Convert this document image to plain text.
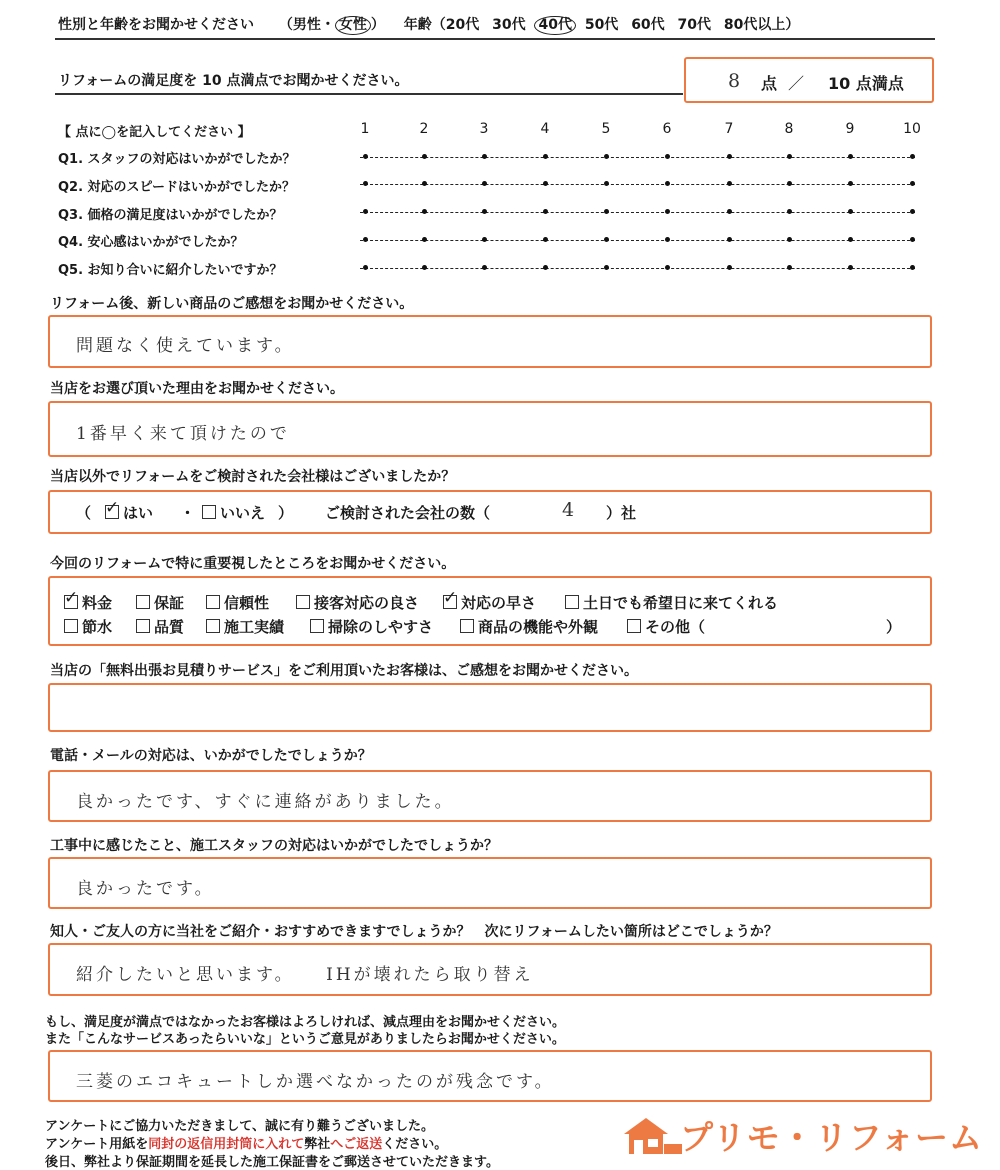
性別と年齢をお聞かせください （男性・ 女性 ） 年齢（20代 30代 40代 50代 60代 70代 80代以上）
リフォームの満足度を 10 点満点でお聞かせください。	8 点 ／ 10 点満点
【 点に◯を記入してください 】	1	2	3	4	5	6	7	8	9	10
Q1. スタッフの対応はいかがでしたか？
Q2. 対応のスピードはいかがでしたか？
Q3. 価格の満足度はいかがでしたか？
Q4. 安心感はいかがでしたか？
Q5. お知り合いに紹介したいですか？
リフォーム後、新しい商品のご感想をお聞かせください。
問題なく使えています。
当店をお選び頂いた理由をお聞かせください。
1番早く来て頂けたので
当店以外でリフォームをご検討された会社様はございましたか？
（ ✓	はい ・	いいえ ） ご検討された会社の数（	4 ）社
今回のリフォームで特に重要視したところをお聞かせください。
✓料金	保証	信頼性	接客対応の良さ ✓	対応の早さ	土日でも希望日に来てくれる
節水	品質	施工実績	掃除のしやすさ	商品の機能や外観	その他（	）
当店の「無料出張お見積りサービス」をご利用頂いたお客様は、ご感想をお聞かせください。
電話・メールの対応は、いかがでしたでしょうか？
良かったです、すぐに連絡がありました。
工事中に感じたこと、施工スタッフの対応はいかがでしたでしょうか？
良かったです。
知人・ご友人の方に当社をご紹介・おすすめできますでしょうか？　次にリフォームしたい箇所はどこでしょうか？
紹介したいと思います。　　IHが壊れたら取り替え
もし、満足度が満点ではなかったお客様はよろしければ、減点理由をお聞かせください。
また「こんなサービスあったらいいな」というご意見がありましたらお聞かせください。
三菱のエコキュートしか選べなかったのが残念です。
アンケートにご協力いただきまして、誠に有り難うございました。
アンケート用紙を同封の返信用封筒に入れて弊社へご返送ください。
後日、弊社より保証期間を延長した施工保証書をご郵送させていただきます。
プリモ・リフォーム
